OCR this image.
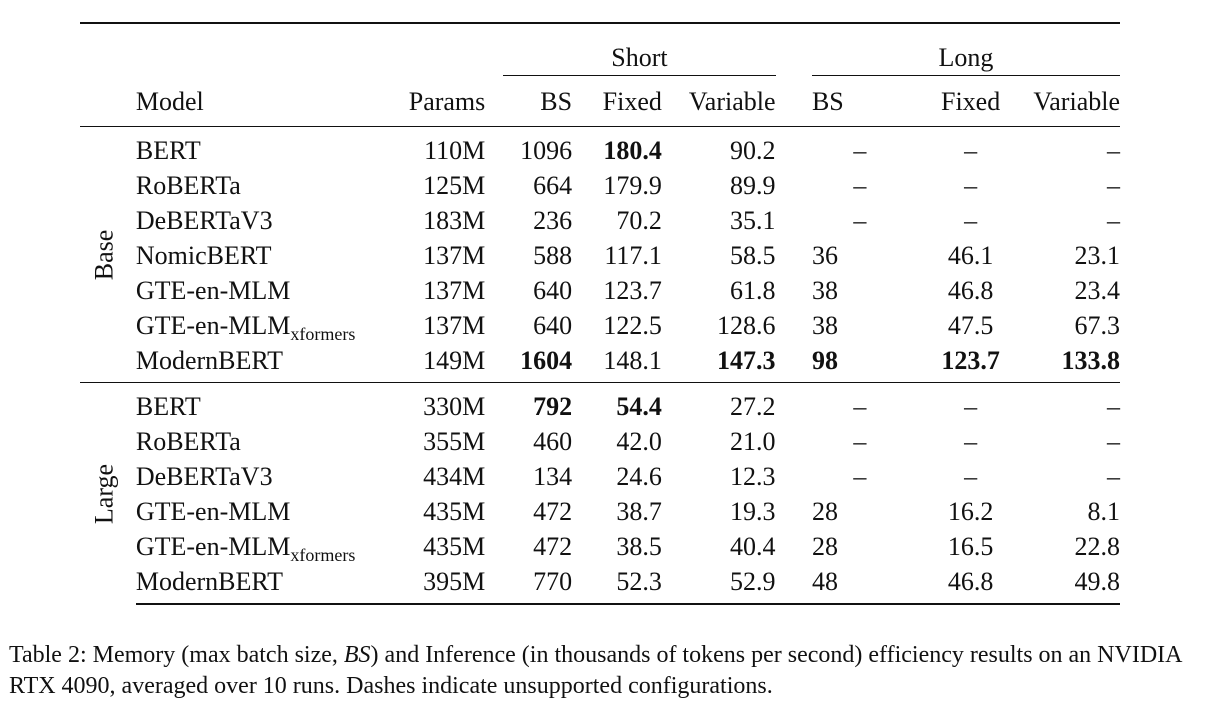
			Short				Long		

	Model	Params	BS	Fixed	Variable		BS	Fixed	Variable

Base	BERT	110M	1096	180.4	90.2		–	–	–
	RoBERTa	125M	664	179.9	89.9		–	–	–
	DeBERTaV3	183M	236	70.2	35.1		–	–	–
	NomicBERT	137M	588	117.1	58.5		36	46.1	23.1
	GTE-en-MLM	137M	640	123.7	61.8		38	46.8	23.4
	GTE-$en-MLM_{xformers}$	137M	640	122.5	128.6		38	47.5	67.3
	ModernBERT	149M	1604	148.1	147.3		98	123.7	133.8

Large	BERT	330M	792	54.4	27.2		–	–	–
	RoBERTa	355M	460	42.0	21.0		–	–	–
	DeBERTaV3	434M	134	24.6	12.3		–	–	–
	GTE-en-MLM	435M	472	38.7	19.3		28	16.2	8.1
	GTE-$en-MLM_{xformers}$	435M	472	38.5	40.4		28	16.5	22.8
	ModernBERT	395M	770	52.3	52.9		48	46.8	49.8
Table 2: Memory (max batch size, BS) and Inference (in thousands of tokens per second) efficiency results on an NVIDIA RTX 4090, averaged over 10 runs. Dashes indicate unsupported configurations.
